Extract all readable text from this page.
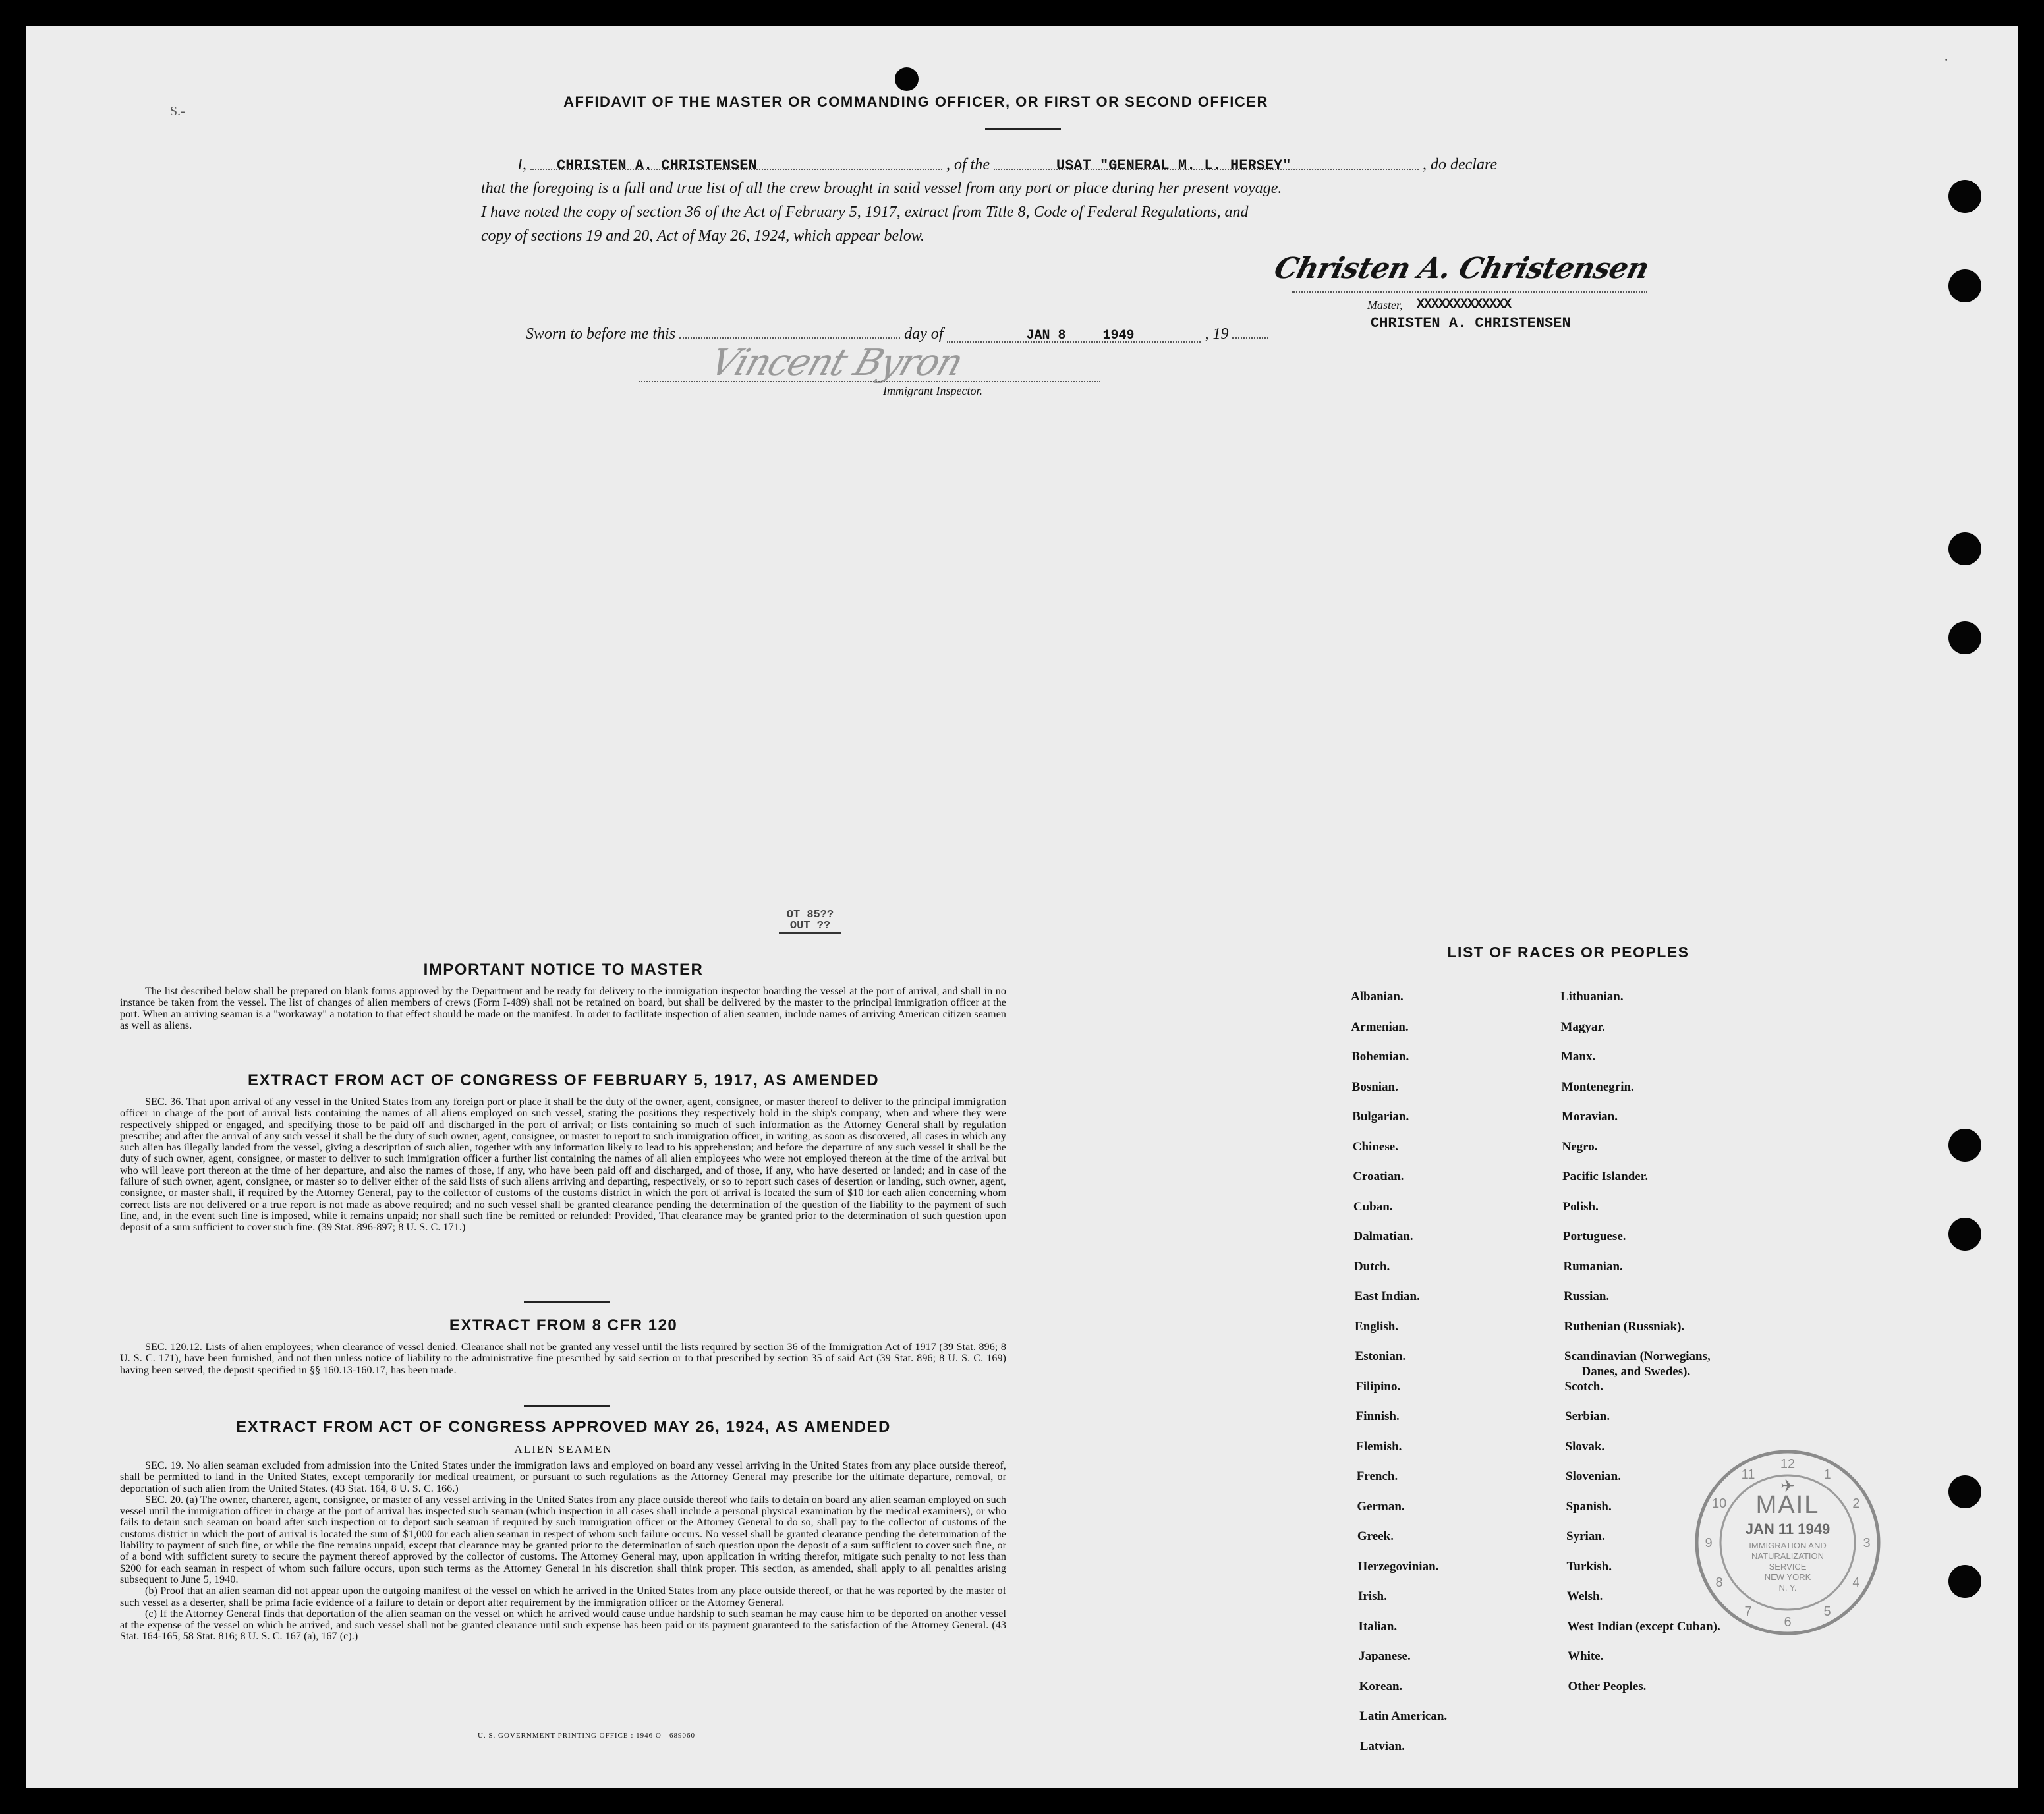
S.-
·
AFFIDAVIT OF THE MASTER OR COMMANDING OFFICER, OR FIRST OR SECOND OFFICER
I, CHRISTEN A. CHRISTENSEN	, of the	USAT "GENERAL M. L. HERSEY"	, do declare
that the foregoing is a full and true list of all the crew brought in said vessel from any port or place during her present voyage.
I have noted the copy of section 36 of the Act of February 5, 1917, extract from Title 8, Code of Federal Regulations, and
copy of sections 19 and 20, Act of May 26, 1924, which appear below.
Christen A. Christensen
Master, XXXXXXXXXXXXX
CHRISTEN A. CHRISTENSEN
Sworn to before me this	day of	JAN 8	1949	, 19
Vincent Byron
Immigrant Inspector.
OT 85??
OUT ??
IMPORTANT NOTICE TO MASTER

The list described below shall be prepared on blank forms approved by the Department and be ready for delivery to the immigration inspector boarding the vessel at the port of arrival, and shall in no instance be taken from the vessel. The list of changes of alien members of crews (Form I-489) shall not be retained on board, but shall be delivered by the master to the principal immigration officer at the port. When an arriving seaman is a "workaway" a notation to that effect should be made on the manifest. In order to facilitate inspection of alien seamen, include names of arriving American citizen seamen as well as aliens.

EXTRACT FROM ACT OF CONGRESS OF FEBRUARY 5, 1917, AS AMENDED

SEC. 36. That upon arrival of any vessel in the United States from any foreign port or place it shall be the duty of the owner, agent, consignee, or master thereof to deliver to the principal immigration officer in charge of the port of arrival lists containing the names of all aliens employed on such vessel, stating the positions they respectively hold in the ship's company, when and where they were respectively shipped or engaged, and specifying those to be paid off and discharged in the port of arrival; or lists containing so much of such information as the Attorney General shall by regulation prescribe; and after the arrival of any such vessel it shall be the duty of such owner, agent, consignee, or master to report to such immigration officer, in writing, as soon as discovered, all cases in which any such alien has illegally landed from the vessel, giving a description of such alien, together with any information likely to lead to his apprehension; and before the departure of any such vessel it shall be the duty of such owner, agent, consignee, or master to deliver to such immigration officer a further list containing the names of all alien employees who were not employed thereon at the time of the arrival but who will leave port thereon at the time of her departure, and also the names of those, if any, who have been paid off and discharged, and of those, if any, who have deserted or landed; and in case of the failure of such owner, agent, consignee, or master so to deliver either of the said lists of such aliens arriving and departing, respectively, or so to report such cases of desertion or landing, such owner, agent, consignee, or master shall, if required by the Attorney General, pay to the collector of customs of the customs district in which the port of arrival is located the sum of $10 for each alien concerning whom correct lists are not delivered or a true report is not made as above required; and no such vessel shall be granted clearance pending the determination of the question of the liability to the payment of such fine, and, in the event such fine is imposed, while it remains unpaid; nor shall such fine be remitted or refunded: Provided, That clearance may be granted prior to the determination of such question upon deposit of a sum sufficient to cover such fine. (39 Stat. 896-897; 8 U. S. C. 171.)

EXTRACT FROM 8 CFR 120

SEC. 120.12. Lists of alien employees; when clearance of vessel denied. Clearance shall not be granted any vessel until the lists required by section 36 of the Immigration Act of 1917 (39 Stat. 896; 8 U. S. C. 171), have been furnished, and not then unless notice of liability to the administrative fine prescribed by said section or to that prescribed by section 35 of said Act (39 Stat. 896; 8 U. S. C. 169) having been served, the deposit specified in §§ 160.13-160.17, has been made.

EXTRACT FROM ACT OF CONGRESS APPROVED MAY 26, 1924, AS AMENDED
ALIEN SEAMEN

SEC. 19. No alien seaman excluded from admission into the United States under the immigration laws and employed on board any vessel arriving in the United States from any place outside thereof, shall be permitted to land in the United States, except temporarily for medical treatment, or pursuant to such regulations as the Attorney General may prescribe for the ultimate departure, removal, or deportation of such alien from the United States. (43 Stat. 164, 8 U. S. C. 166.)

SEC. 20. (a) The owner, charterer, agent, consignee, or master of any vessel arriving in the United States from any place outside thereof who fails to detain on board any alien seaman employed on such vessel until the immigration officer in charge at the port of arrival has inspected such seaman (which inspection in all cases shall include a personal physical examination by the medical examiners), or who fails to detain such seaman on board after such inspection or to deport such seaman if required by such immigration officer or the Attorney General to do so, shall pay to the collector of customs of the customs district in which the port of arrival is located the sum of $1,000 for each alien seaman in respect of whom such failure occurs. No vessel shall be granted clearance pending the determination of the liability to payment of such fine, or while the fine remains unpaid, except that clearance may be granted prior to the determination of such question upon the deposit of a sum sufficient to cover such fine, or of a bond with sufficient surety to secure the payment thereof approved by the collector of customs. The Attorney General may, upon application in writing therefor, mitigate such penalty to not less than $200 for each seaman in respect of whom such failure occurs, upon such terms as the Attorney General in his discretion shall think proper. This section, as amended, shall apply to all penalties arising subsequent to June 5, 1940.

(b) Proof that an alien seaman did not appear upon the outgoing manifest of the vessel on which he arrived in the United States from any place outside thereof, or that he was reported by the master of such vessel as a deserter, shall be prima facie evidence of a failure to detain or deport after requirement by the immigration officer or the Attorney General.

(c) If the Attorney General finds that deportation of the alien seaman on the vessel on which he arrived would cause undue hardship to such seaman he may cause him to be deported on another vessel at the expense of the vessel on which he arrived, and such vessel shall not be granted clearance until such expense has been paid or its payment guaranteed to the satisfaction of the Attorney General. (43 Stat. 164-165, 58 Stat. 816; 8 U. S. C. 167 (a), 167 (c).)

U. S. GOVERNMENT PRINTING OFFICE : 1946 O - 689060
LIST OF RACES OR PEOPLES
12
1
2
3
4
5
6
7
8
9
10
11
✈
MAIL
JAN 11 1949
IMMIGRATION AND
NATURALIZATION
SERVICE
NEW YORK
N. Y.
Albanian.
Armenian.
Bohemian.
Bosnian.
Bulgarian.
Chinese.
Croatian.
Cuban.
Dalmatian.
Dutch.
East Indian.
English.
Estonian.
Filipino.
Finnish.
Flemish.
French.
German.
Greek.
Herzegovinian.
Irish.
Italian.
Japanese.
Korean.
Latin American.
Latvian.
Lithuanian.
Magyar.
Manx.
Montenegrin.
Moravian.
Negro.
Pacific Islander.
Polish.
Portuguese.
Rumanian.
Russian.
Ruthenian (Russniak).
Scandinavian (Norwegians,
Danes, and Swedes).
Scotch.
Serbian.
Slovak.
Slovenian.
Spanish.
Syrian.
Turkish.
Welsh.
West Indian (except Cuban).
White.
Other Peoples.
